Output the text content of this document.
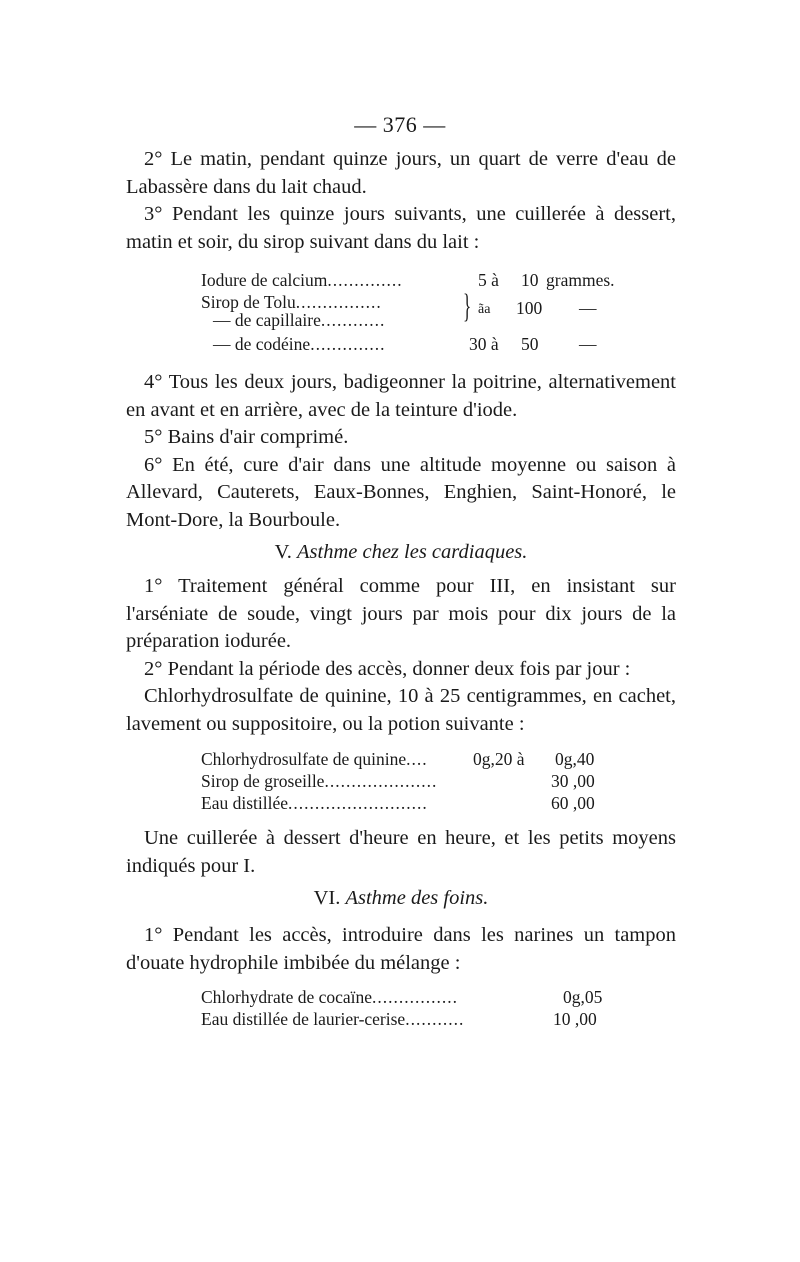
— 376 —

2° Le matin, pendant quinze jours, un quart de verre d'eau de Labassère dans du lait chaud.

3° Pendant les quinze jours suivants, une cuillerée à dessert, matin et soir, du sirop suivant dans du lait :

Iodure de calcium..............	5 à 10 grammes.
Sirop de Tolu................
— de capillaire............ } ãa 100 —
— de codéine..............	30 à 50 —

4° Tous les deux jours, badigeonner la poitrine, alternativement en avant et en arrière, avec de la teinture d'iode.

5° Bains d'air comprimé.

6° En été, cure d'air dans une altitude moyenne ou saison à Allevard, Cauterets, Eaux-Bonnes, Enghien, Saint-Honoré, le Mont-Dore, la Bourboule.

V. Asthme chez les cardiaques.

1° Traitement général comme pour III, en insistant sur l'arséniate de soude, vingt jours par mois pour dix jours de la préparation iodurée.

2° Pendant la période des accès, donner deux fois par jour :

Chlorhydrosulfate de quinine, 10 à 25 centigrammes, en cachet, lavement ou suppositoire, ou la potion suivante :

Chlorhydrosulfate de quinine....	0g,20 à 0g,40
Sirop de groseille.....................	30 ,00
Eau distillée..........................	60 ,00

Une cuillerée à dessert d'heure en heure, et les petits moyens indiqués pour I.

VI. Asthme des foins.

1° Pendant les accès, introduire dans les narines un tampon d'ouate hydrophile imbibée du mélange :

Chlorhydrate de cocaïne................	0g,05
Eau distillée de laurier-cerise...........	10 ,00
